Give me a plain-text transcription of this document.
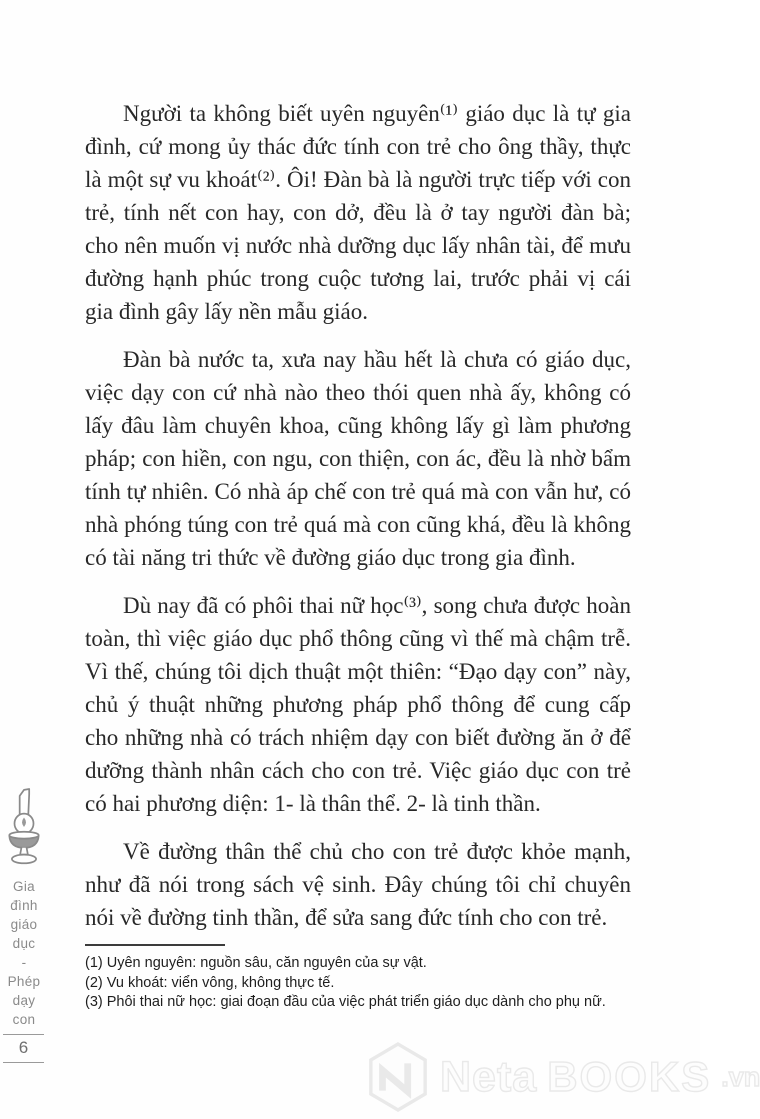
Người ta không biết uyên nguyên⁽¹⁾ giáo dục là tự gia đình, cứ mong ủy thác đức tính con trẻ cho ông thầy, thực là một sự vu khoát⁽²⁾. Ôi! Đàn bà là người trực tiếp với con trẻ, tính nết con hay, con dở, đều là ở tay người đàn bà; cho nên muốn vị nước nhà dưỡng dục lấy nhân tài, để mưu đường hạnh phúc trong cuộc tương lai, trước phải vị cái gia đình gây lấy nền mẫu giáo.

Đàn bà nước ta, xưa nay hầu hết là chưa có giáo dục, việc dạy con cứ nhà nào theo thói quen nhà ấy, không có lấy đâu làm chuyên khoa, cũng không lấy gì làm phương pháp; con hiền, con ngu, con thiện, con ác, đều là nhờ bẩm tính tự nhiên. Có nhà áp chế con trẻ quá mà con vẫn hư, có nhà phóng túng con trẻ quá mà con cũng khá, đều là không có tài năng tri thức về đường giáo dục trong gia đình.

Dù nay đã có phôi thai nữ học⁽³⁾, song chưa được hoàn toàn, thì việc giáo dục phổ thông cũng vì thế mà chậm trễ. Vì thế, chúng tôi dịch thuật một thiên: “Đạo dạy con” này, chủ ý thuật những phương pháp phổ thông để cung cấp cho những nhà có trách nhiệm dạy con biết đường ăn ở để dưỡng thành nhân cách cho con trẻ. Việc giáo dục con trẻ có hai phương diện: 1- là thân thể. 2- là tinh thần.

Về đường thân thể chủ cho con trẻ được khỏe mạnh, như đã nói trong sách vệ sinh. Đây chúng tôi chỉ chuyên nói về đường tinh thần, để sửa sang đức tính cho con trẻ.

(1) Uyên nguyên: nguồn sâu, căn nguyên của sự vật.
(2) Vu khoát: viển vông, không thực tế.
(3) Phôi thai nữ học: giai đoạn đầu của việc phát triển giáo dục dành cho phụ nữ.
Gia
đình
giáo
dục
-
Phép
dạy
con
6
Neta BOOKS .vn
